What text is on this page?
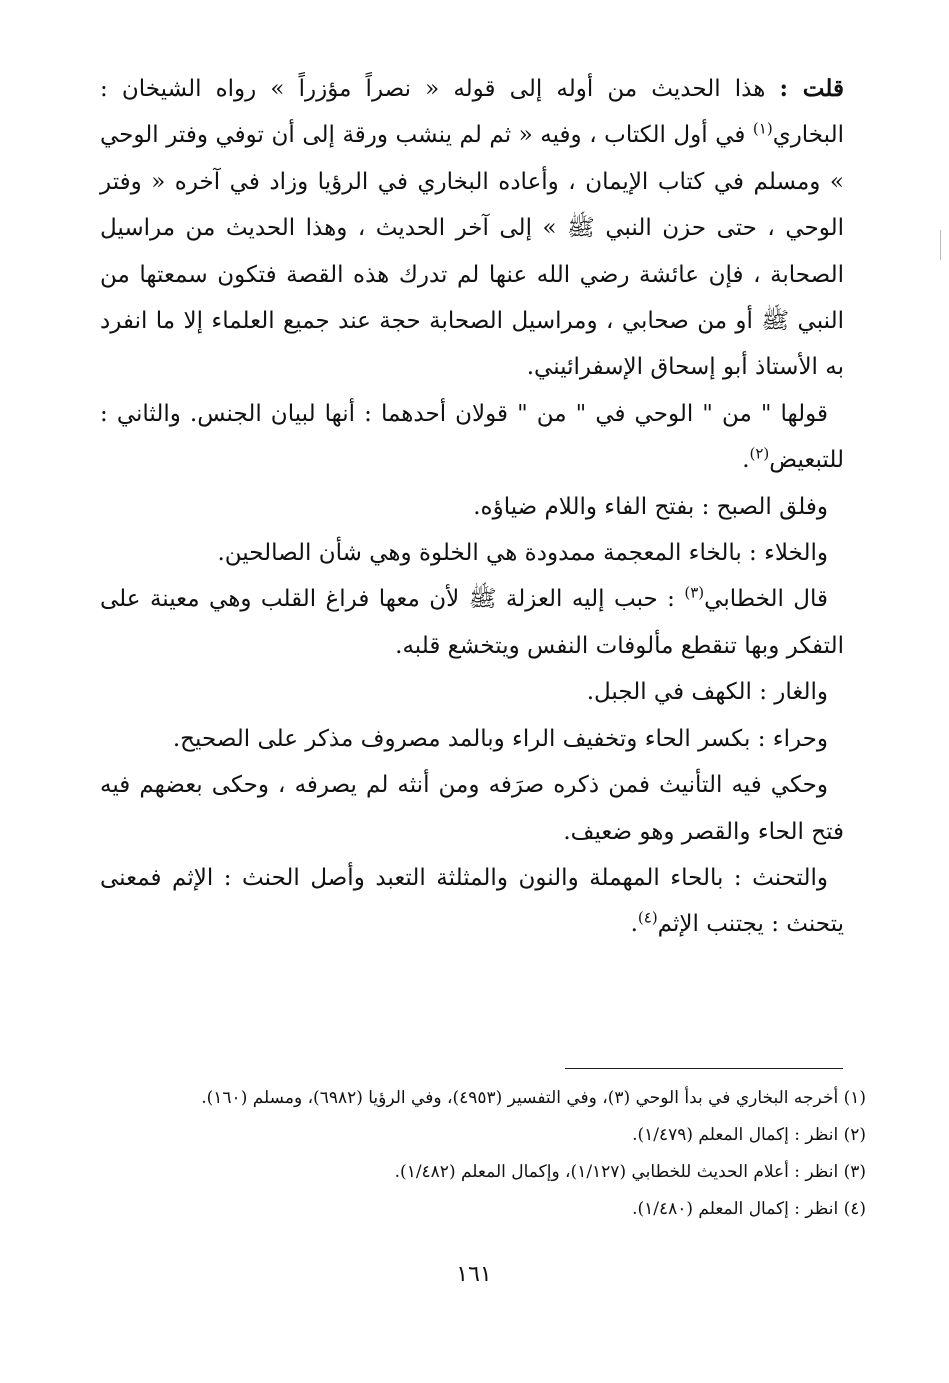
قلت : هذا الحديث من أوله إلى قوله « نصراً مؤزراً » رواه الشيخان : البخاري$^{(١)}$ في أول الكتاب ، وفيه « ثم لم ينشب ورقة إلى أن توفي وفتر الوحي » ومسلم في كتاب الإيمان ، وأعاده البخاري في الرؤيا وزاد في آخره « وفتر الوحي ، حتى حزن النبي ﷺ » إلى آخر الحديث ، وهذا الحديث من مراسيل الصحابة ، فإن عائشة رضي الله عنها لم تدرك هذه القصة فتكون سمعتها من النبي ﷺ أو من صحابي ، ومراسيل الصحابة حجة عند جميع العلماء إلا ما انفرد به الأستاذ أبو إسحاق الإسفرائيني.

قولها " من " الوحي في " من " قولان أحدهما : أنها لبيان الجنس. والثاني : للتبعيض$^{(٢)}$.

وفلق الصبح : بفتح الفاء واللام ضياؤه.

والخلاء : بالخاء المعجمة ممدودة هي الخلوة وهي شأن الصالحين.

قال الخطابي$^{(٣)}$ : حبب إليه العزلة ﷺ لأن معها فراغ القلب وهي معينة على التفكر وبها تنقطع مألوفات النفس ويتخشع قلبه.

والغار : الكهف في الجبل.

وحراء : بكسر الحاء وتخفيف الراء وبالمد مصروف مذكر على الصحيح.

وحكي فيه التأنيث فمن ذكره صرَفه ومن أنثه لم يصرفه ، وحكى بعضهم فيه فتح الحاء والقصر وهو ضعيف.

والتحنث : بالحاء المهملة والنون والمثلثة التعبد وأصل الحنث : الإثم فمعنى يتحنث : يجتنب الإثم$^{(٤)}$.

(١) أخرجه البخاري في بدأ الوحي (٣)، وفي التفسير (٤٩٥٣)، وفي الرؤيا (٦٩٨٢)، ومسلم (١٦٠).

(٢) انظر : إكمال المعلم (١/٤٧٩).

(٣) انظر : أعلام الحديث للخطابي (١/١٢٧)، وإكمال المعلم (١/٤٨٢).

(٤) انظر : إكمال المعلم (١/٤٨٠).

١٦١
